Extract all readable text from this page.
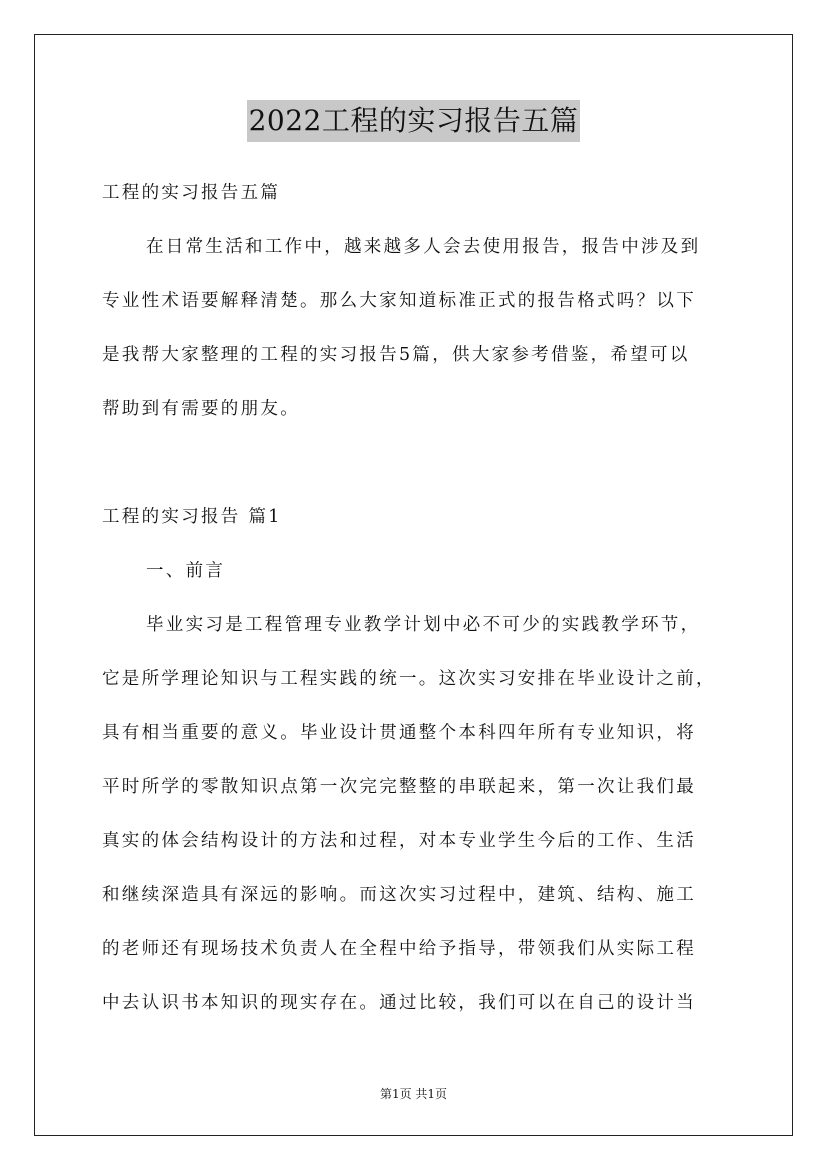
2022工程的实习报告五篇
工程的实习报告五篇
在日常生活和工作中，越来越多人会去使用报告，报告中涉及到
专业性术语要解释清楚。那么大家知道标准正式的报告格式吗？以下
是我帮大家整理的工程的实习报告5篇，供大家参考借鉴，希望可以
帮助到有需要的朋友。
工程的实习报告 篇1
一、前言
毕业实习是工程管理专业教学计划中必不可少的实践教学环节，
它是所学理论知识与工程实践的统一。这次实习安排在毕业设计之前，
具有相当重要的意义。毕业设计贯通整个本科四年所有专业知识，将
平时所学的零散知识点第一次完完整整的串联起来，第一次让我们最
真实的体会结构设计的方法和过程，对本专业学生今后的工作、生活
和继续深造具有深远的影响。而这次实习过程中，建筑、结构、施工
的老师还有现场技术负责人在全程中给予指导，带领我们从实际工程
中去认识书本知识的现实存在。通过比较，我们可以在自己的设计当
第1页 共1页
